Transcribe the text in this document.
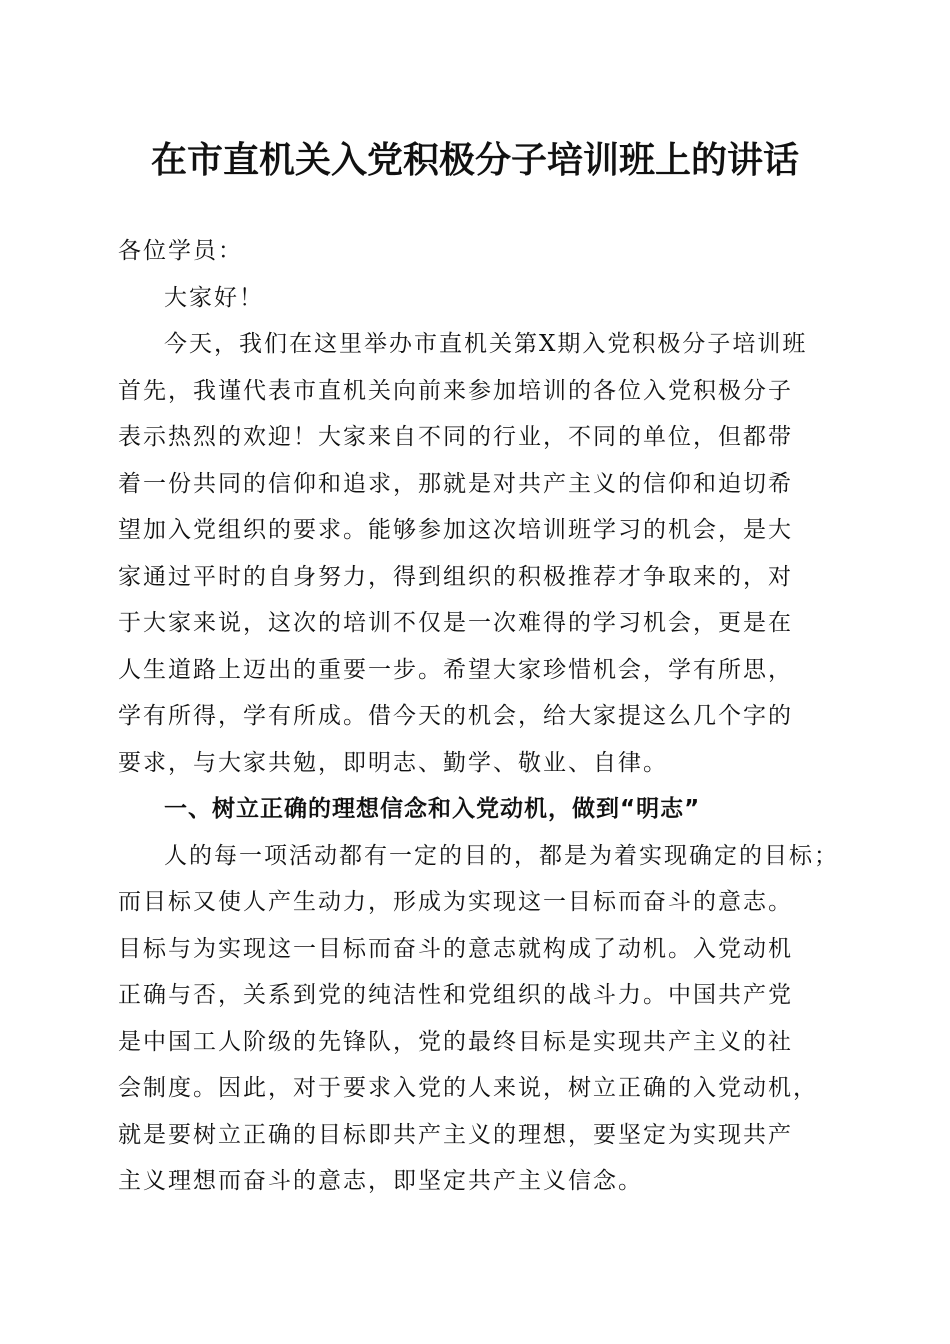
在市直机关入党积极分子培训班上的讲话
各位学员：
大家好！
今天，我们在这里举办市直机关第X期入党积极分子培训班
首先，我谨代表市直机关向前来参加培训的各位入党积极分子
表示热烈的欢迎！大家来自不同的行业，不同的单位，但都带
着一份共同的信仰和追求，那就是对共产主义的信仰和迫切希
望加入党组织的要求。能够参加这次培训班学习的机会，是大
家通过平时的自身努力，得到组织的积极推荐才争取来的，对
于大家来说，这次的培训不仅是一次难得的学习机会，更是在
人生道路上迈出的重要一步。希望大家珍惜机会，学有所思，
学有所得，学有所成。借今天的机会，给大家提这么几个字的
要求，与大家共勉，即明志、勤学、敬业、自律。
一、树立正确的理想信念和入党动机，做到“明志”
人的每一项活动都有一定的目的，都是为着实现确定的目标；
而目标又使人产生动力，形成为实现这一目标而奋斗的意志。
目标与为实现这一目标而奋斗的意志就构成了动机。入党动机
正确与否，关系到党的纯洁性和党组织的战斗力。中国共产党
是中国工人阶级的先锋队，党的最终目标是实现共产主义的社
会制度。因此，对于要求入党的人来说，树立正确的入党动机，
就是要树立正确的目标即共产主义的理想，要坚定为实现共产
主义理想而奋斗的意志，即坚定共产主义信念。
